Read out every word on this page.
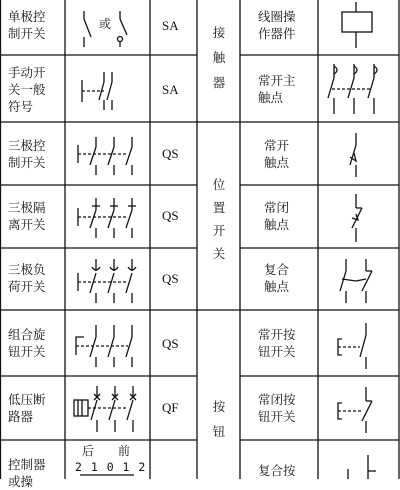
单极控
制开关
手动开
关一般
符号
三极控
制开关
三极隔
离开关
三极负
荷开关
组合旋
钮开关
低压断
路器
控制器
或操
SA
SA
QS
QS
QS
QS
QF
接
触
器
位
置
开
关
按
钮
线圈操
作器件
常开主
触点
常开
触点
常闭
触点
复合
触点
常开按
钮开关
常闭按
钮开关
复合按
或
后 前
2 1 0 1 2
